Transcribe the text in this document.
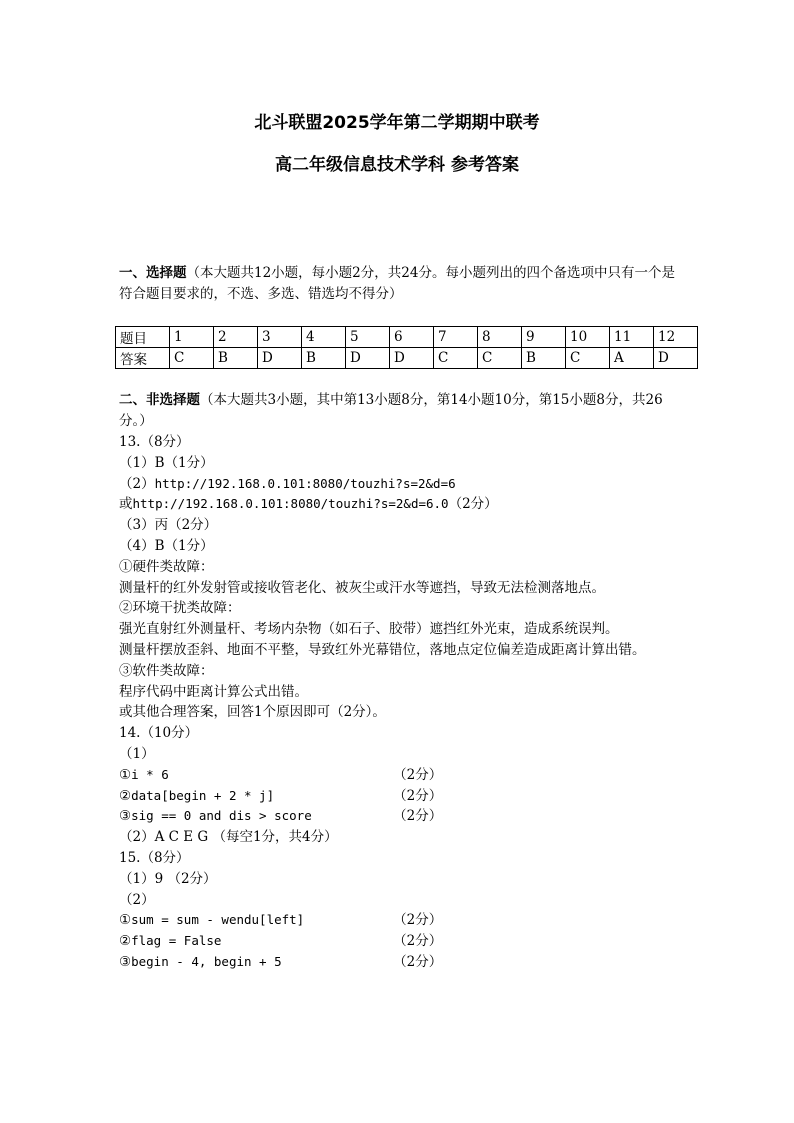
北斗联盟2025学年第二学期期中联考
高二年级信息技术学科 参考答案
一、选择题（本大题共12小题，每小题2分，共24分。每小题列出的四个备选项中只有一个是符合题目要求的，不选、多选、错选均不得分）
题目	1	2	3	4	5	6	7	8	9	10	11	12
答案	C	B	D	B	D	D	C	C	B	C	A	D
二、非选择题（本大题共3小题，其中第13小题8分，第14小题10分，第15小题8分，共26分。）
13.（8分）
（1）B（1分）
（2）http://192.168.0.101:8080/touzhi?s=2&d=6
或http://192.168.0.101:8080/touzhi?s=2&d=6.0（2分）
（3）丙（2分）
（4）B（1分）
①硬件类故障：
测量杆的红外发射管或接收管老化、被灰尘或汗水等遮挡，导致无法检测落地点。
②环境干扰类故障：
强光直射红外测量杆、考场内杂物（如石子、胶带）遮挡红外光束，造成系统误判。
测量杆摆放歪斜、地面不平整，导致红外光幕错位，落地点定位偏差造成距离计算出错。
③软件类故障：
程序代码中距离计算公式出错。
或其他合理答案，回答1个原因即可（2分）。
14.（10分）
（1）
①i * 6	（2分）
②data[begin + 2 * j]	（2分）
③sig == 0 and dis > score	（2分）
（2）A C E G （每空1分，共4分）
15.（8分）
（1）9 （2分）
（2）
①sum = sum - wendu[left]	（2分）
②flag = False	（2分）
③begin - 4, begin + 5	（2分）
